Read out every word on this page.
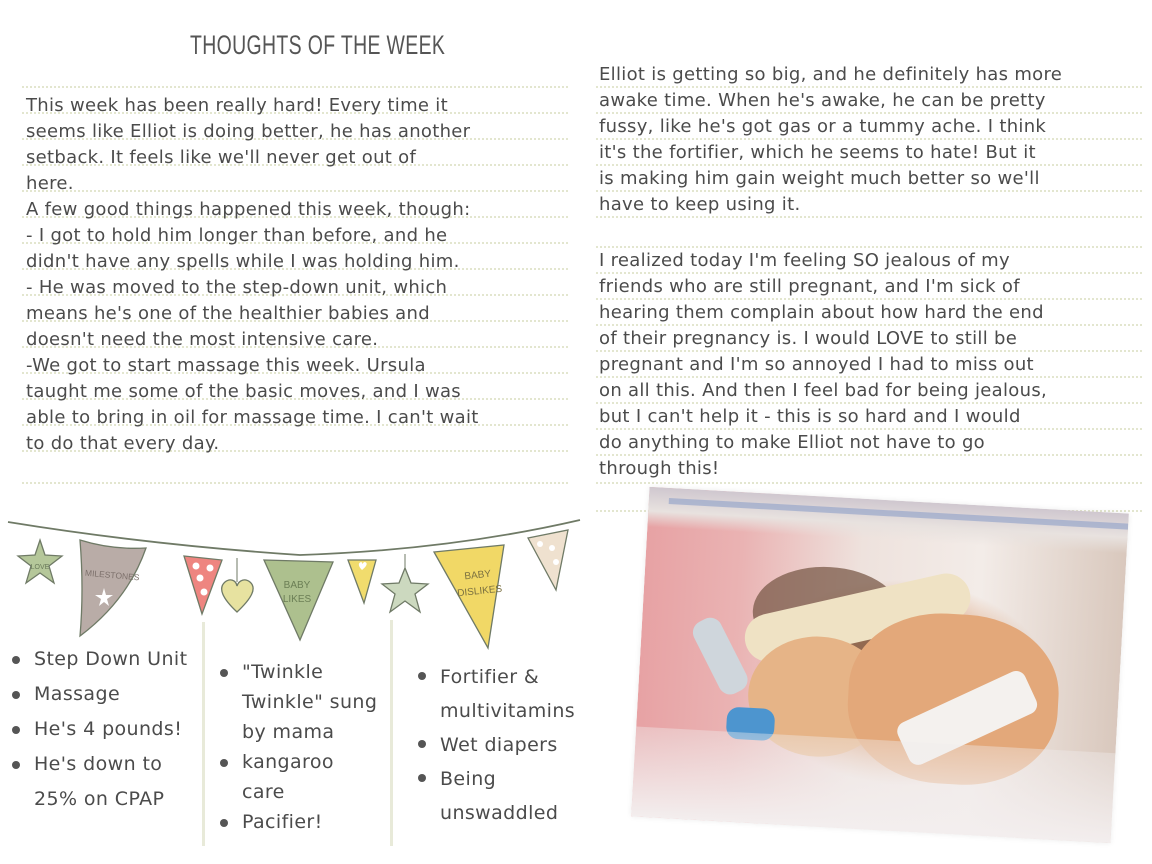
THOUGHTS OF THE WEEK
This week has been really hard! Every time it
seems like Elliot is doing better, he has another
setback. It feels like we'll never get out of
here.
A few good things happened this week, though:
- I got to hold him longer than before, and he
didn't have any spells while I was holding him.
- He was moved to the step-down unit, which
means he's one of the healthier babies and
doesn't need the most intensive care.
-We got to start massage this week. Ursula
taught me some of the basic moves, and I was
able to bring in oil for massage time. I can't wait
to do that every day.
Elliot is getting so big, and he definitely has more
awake time. When he's awake, he can be pretty
fussy, like he's got gas or a tummy ache. I think
it's the fortifier, which he seems to hate! But it
is making him gain weight much better so we'll
have to keep using it.
I realized today I'm feeling SO jealous of my
friends who are still pregnant, and I'm sick of
hearing them complain about how hard the end
of their pregnancy is. I would LOVE to still be
pregnant and I'm so annoyed I had to miss out
on all this. And then I feel bad for being jealous,
but I can't help it - this is so hard and I would
do anything to make Elliot not have to go
through this!
LOVE
MILESTONES
BABY
LIKES
BABY
DISLIKES
Step Down Unit
Massage
He's 4 pounds!
He's down to
25% on CPAP
"Twinkle
Twinkle" sung
by mama
kangaroo
care
Pacifier!
Fortifier &
multivitamins
Wet diapers
Being
unswaddled
